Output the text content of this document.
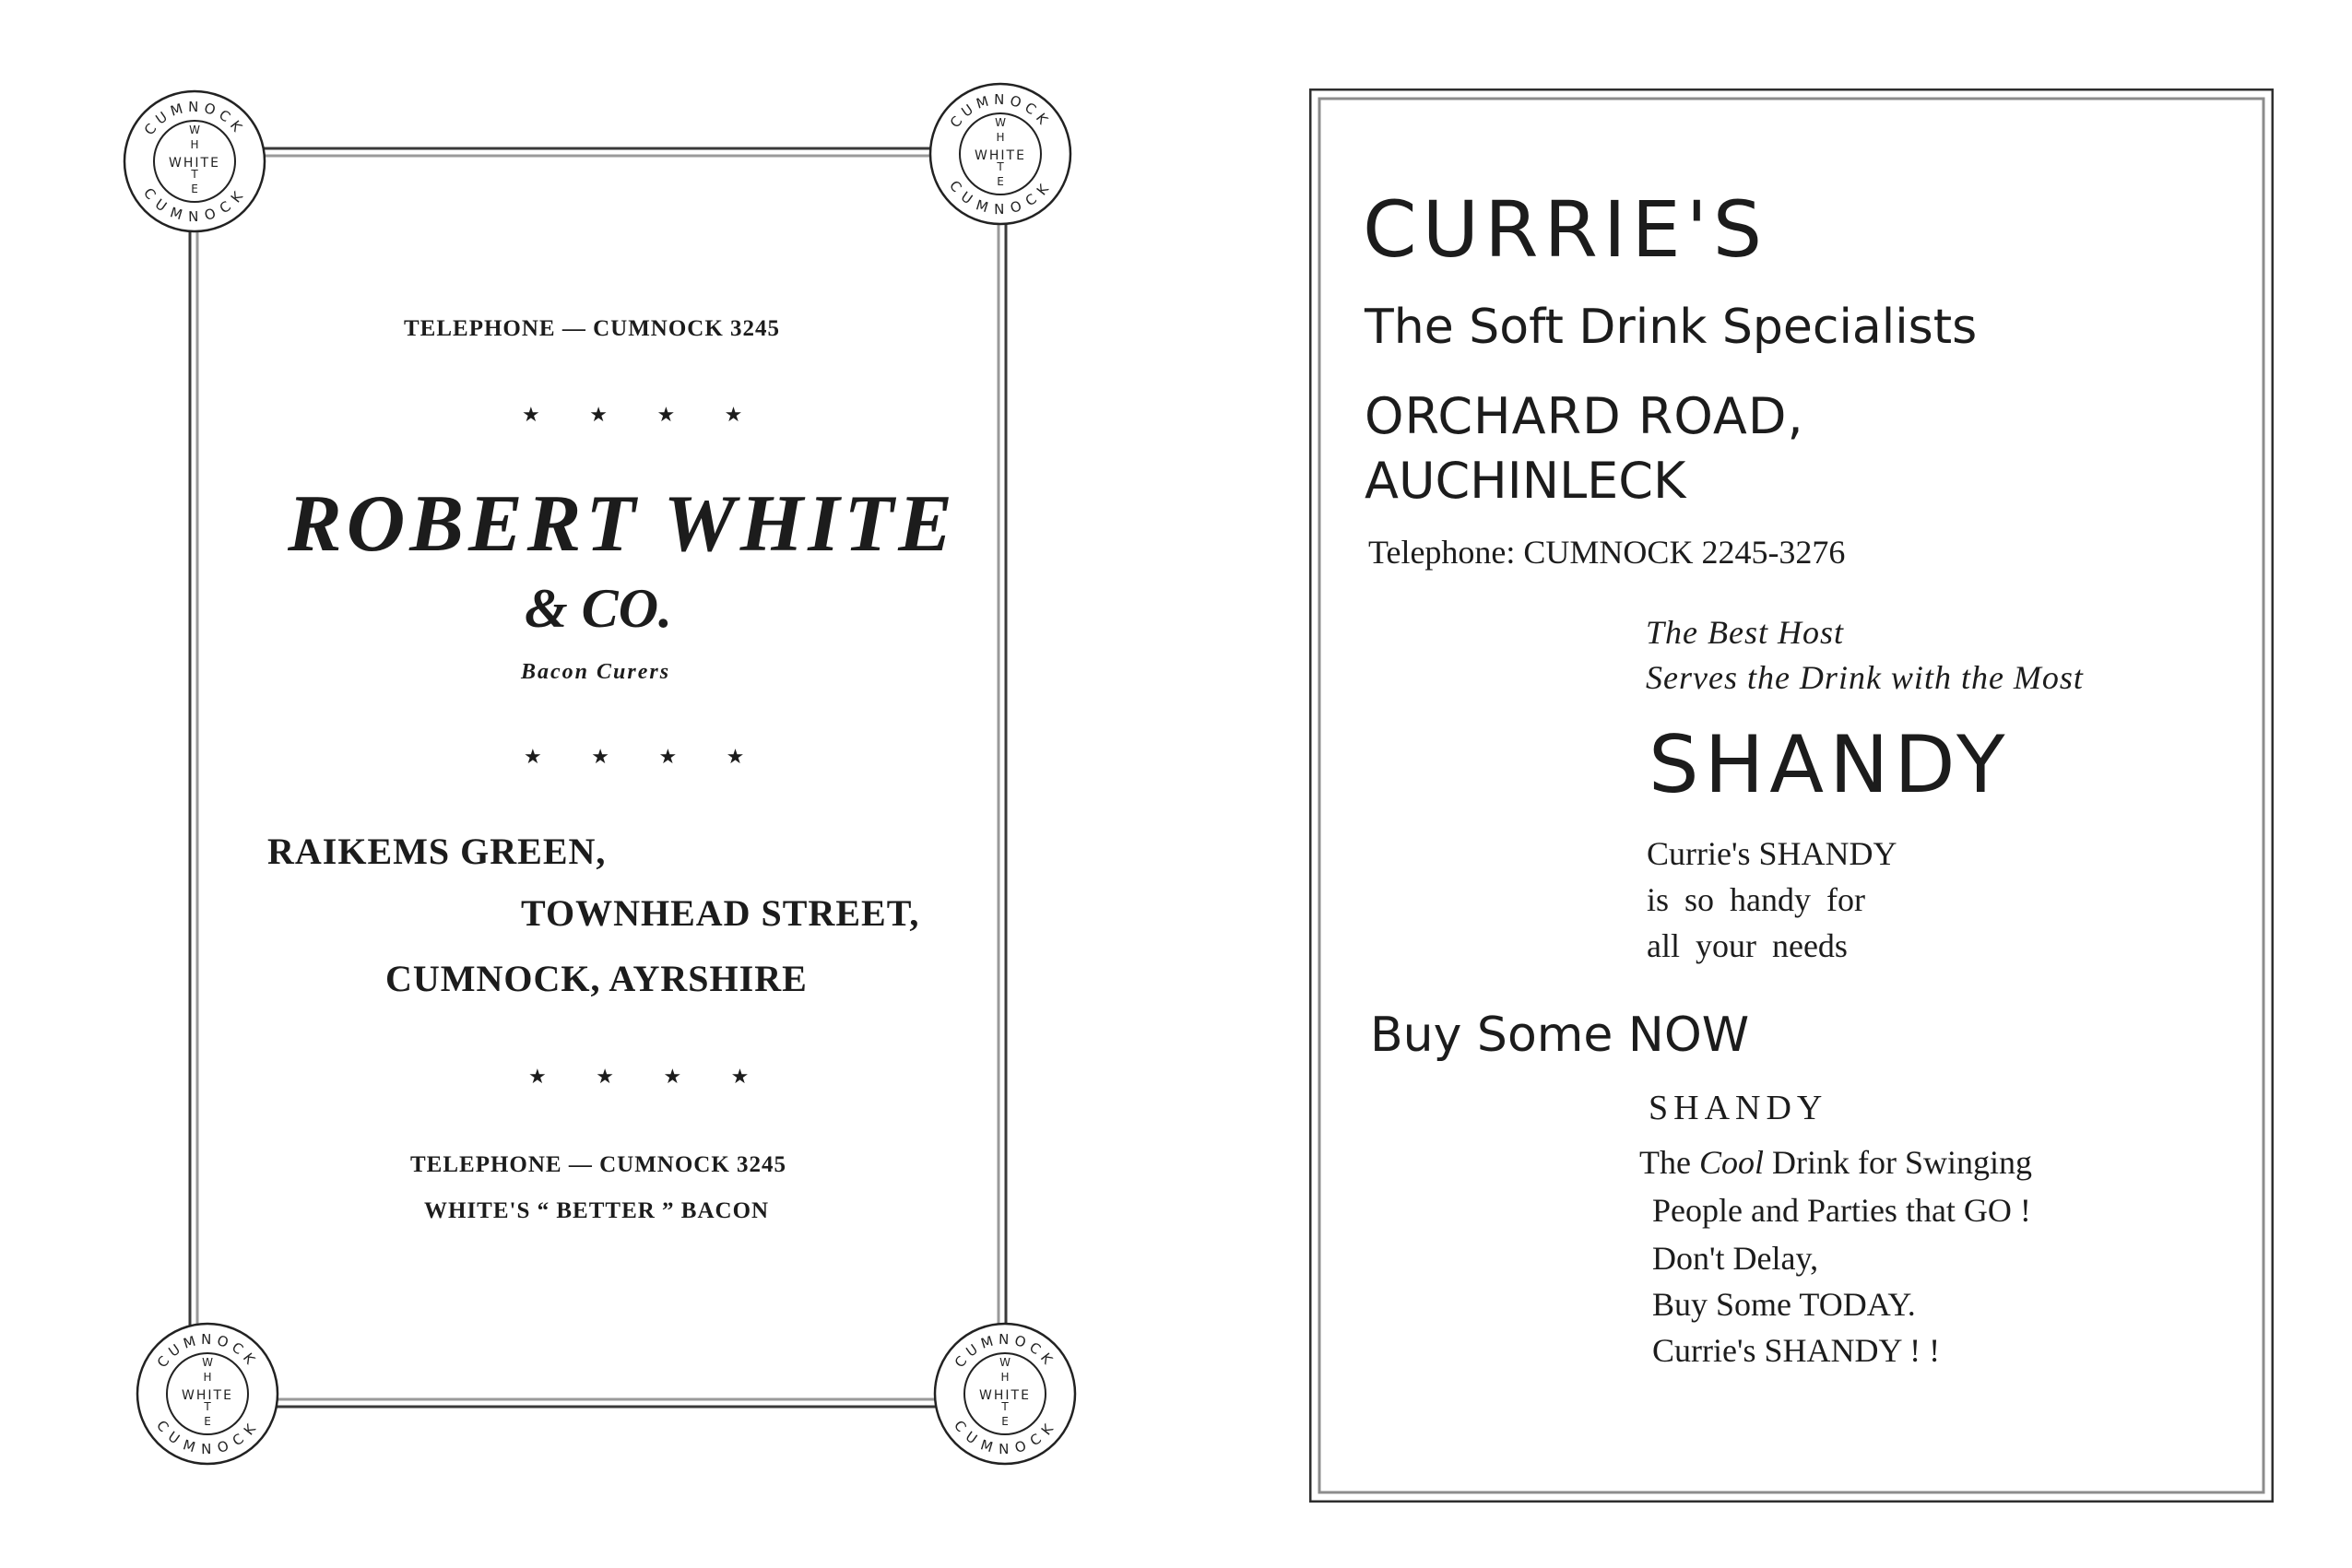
CUMNOCK
CUMNOCK
WHITE
W H T E
CUMNOCK
CUMNOCK
WHITE
W H T E
CUMNOCK
CUMNOCK
WHITE
W H T E
CUMNOCK
CUMNOCK
WHITE
W H T E
TELEPHONE — CUMNOCK 3245
★ ★ ★ ★
ROBERT WHITE
& CO.
Bacon Curers
★ ★ ★ ★
RAIKEMS GREEN,
TOWNHEAD STREET,
CUMNOCK, AYRSHIRE
★ ★ ★ ★
TELEPHONE — CUMNOCK 3245
WHITE'S “ BETTER ” BACON
CURRIE'S
The Soft Drink Specialists
ORCHARD ROAD,
AUCHINLECK
Telephone: CUMNOCK 2245-3276
The Best Host
Serves the Drink with the Most
SHANDY
Currie's SHANDY
is so handy for
all your needs
Buy Some NOW
SHANDY
The Cool Drink for Swinging
People and Parties that GO !
Don't Delay,
Buy Some TODAY.
Currie's SHANDY ! !
